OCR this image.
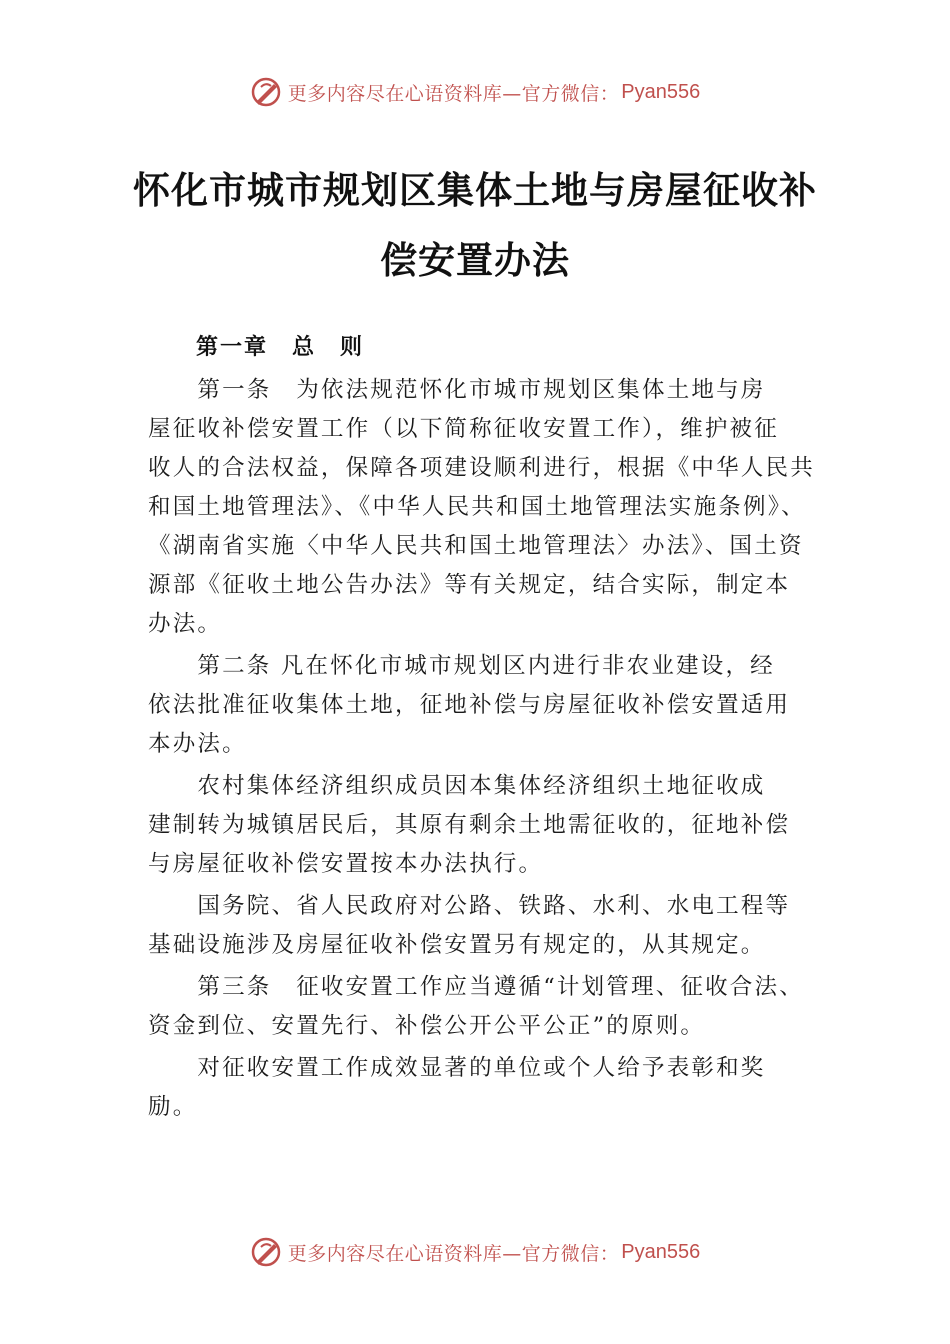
更多内容尽在心语资料库—官方微信： Pyan556
怀化市城市规划区集体土地与房屋征收补
偿安置办法
第一章　总　则
　　第一条　为依法规范怀化市城市规划区集体土地与房
屋征收补偿安置工作（以下简称征收安置工作），维护被征
收人的合法权益，保障各项建设顺利进行，根据《中华人民共
和国土地管理法》、《中华人民共和国土地管理法实施条例》、
《湖南省实施〈中华人民共和国土地管理法〉办法》、国土资
源部《征收土地公告办法》等有关规定，结合实际，制定本
办法。
　　第二条 凡在怀化市城市规划区内进行非农业建设，经
依法批准征收集体土地，征地补偿与房屋征收补偿安置适用
本办法。
　　农村集体经济组织成员因本集体经济组织土地征收成
建制转为城镇居民后，其原有剩余土地需征收的，征地补偿
与房屋征收补偿安置按本办法执行。
　　国务院、省人民政府对公路、铁路、水利、水电工程等
基础设施涉及房屋征收补偿安置另有规定的，从其规定。
　　第三条　征收安置工作应当遵循“计划管理、征收合法、
资金到位、安置先行、补偿公开公平公正”的原则。
　　对征收安置工作成效显著的单位或个人给予表彰和奖
励。
更多内容尽在心语资料库—官方微信： Pyan556
